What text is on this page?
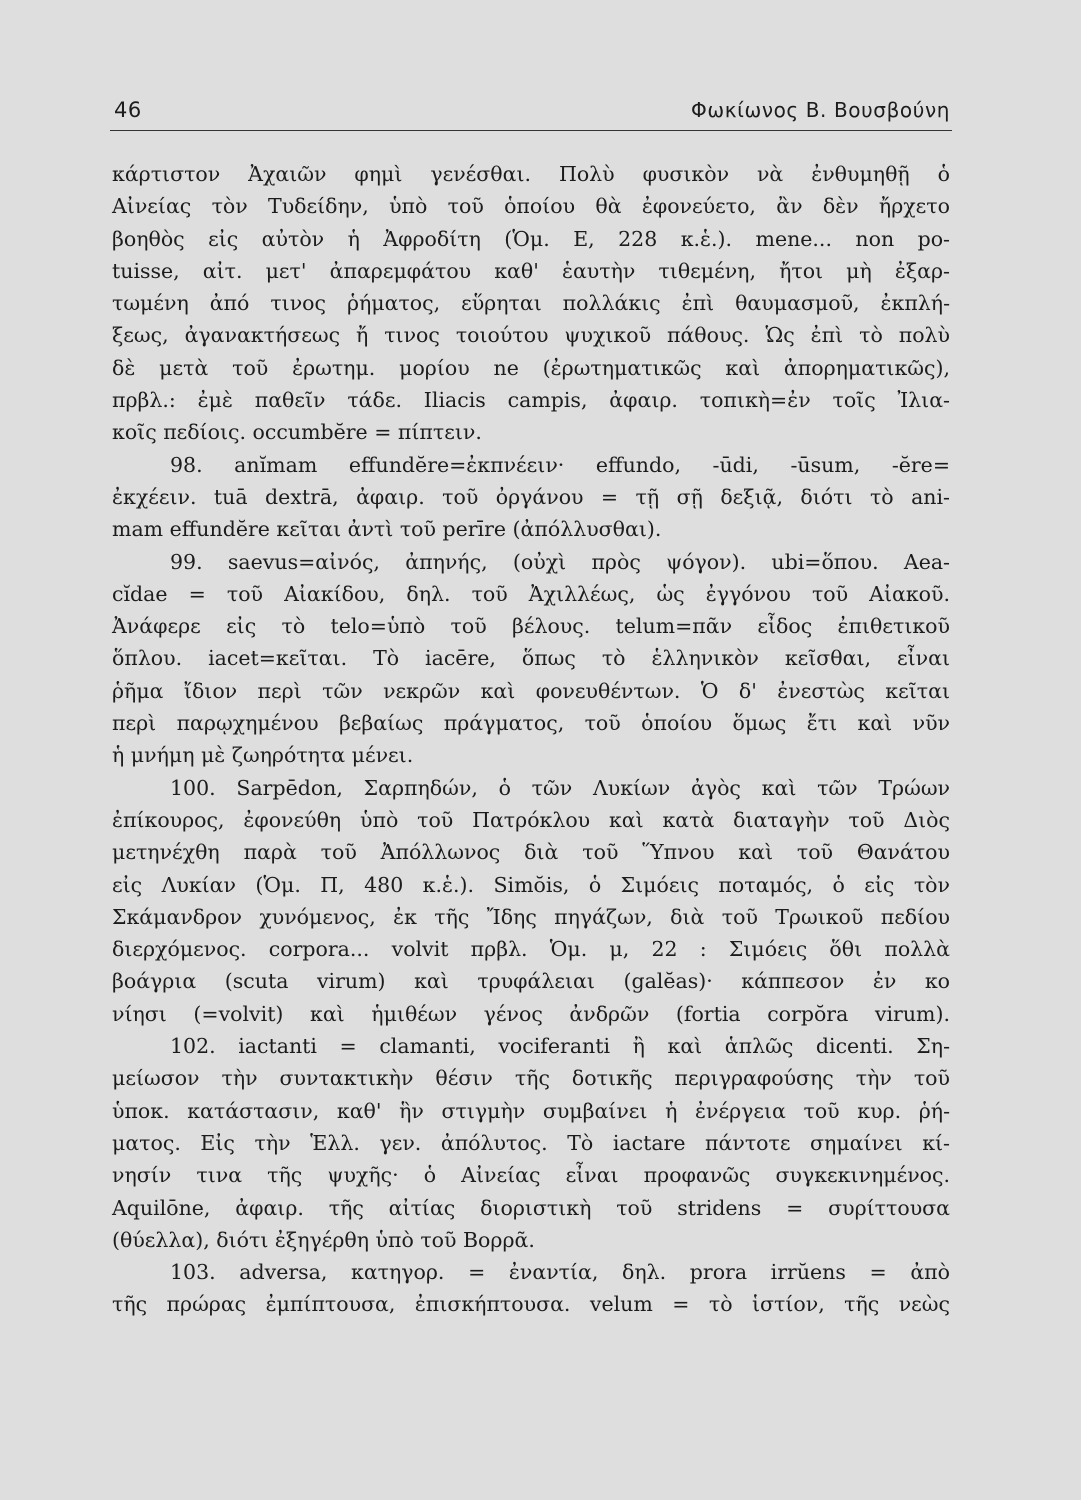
46	Φωκίωνος Β. Βουσβούνη
κάρτιστον Ἀχαιῶν φημὶ γενέσθαι. Πολὺ φυσικὸν νὰ ἐνθυμηθῇ ὁ
Αἰνείας τὸν Τυδείδην, ὑπὸ τοῦ ὁποίου θὰ ἐφονεύετο, ἂν δὲν ἤρχετο
βοηθὸς εἰς αὐτὸν ἡ Ἀφροδίτη (Ὁμ. Ε, 228 κ.ἑ.). mene... non po-
tuisse, αἰτ. μετ' ἀπαρεμφάτου καθ' ἑαυτὴν τιθεμένη, ἤτοι μὴ ἐξαρ-
τωμένη ἀπό τινος ῥήματος, εὕρηται πολλάκις ἐπὶ θαυμασμοῦ, ἐκπλή-
ξεως, ἀγανακτήσεως ἤ τινος τοιούτου ψυχικοῦ πάθους. Ὡς ἐπὶ τὸ πολὺ
δὲ μετὰ τοῦ ἐρωτημ. μορίου ne (ἐρωτηματικῶς καὶ ἀπορηματικῶς),
πρβλ.: ἐμὲ παθεῖν τάδε. Iliacis campis, ἀφαιρ. τοπικὴ=ἐν τοῖς Ἰλια-
κοῖς πεδίοις. occumbĕre = πίπτειν.
98. anĭmam effundĕre=ἐκπνέειν· effundo, -ūdi, -ūsum, -ĕre=
ἐκχέειν. tuā dextrā, ἀφαιρ. τοῦ ὀργάνου = τῇ σῇ δεξιᾷ, διότι τὸ ani-
mam effundĕre κεῖται ἀντὶ τοῦ perīre (ἀπόλλυσθαι).
99. saevus=αἰνός, ἀπηνής, (οὐχὶ πρὸς ψόγον). ubi=ὅπου. Aea-
cĭdae = τοῦ Αἰακίδου, δηλ. τοῦ Ἀχιλλέως, ὡς ἐγγόνου τοῦ Αἰακοῦ.
Ἀνάφερε εἰς τὸ telo=ὑπὸ τοῦ βέλους. telum=πᾶν εἶδος ἐπιθετικοῦ
ὅπλου. iacet=κεῖται. Τὸ iacēre, ὅπως τὸ ἑλληνικὸν κεῖσθαι, εἶναι
ῥῆμα ἴδιον περὶ τῶν νεκρῶν καὶ φονευθέντων. Ὁ δ' ἐνεστὼς κεῖται
περὶ παρῳχημένου βεβαίως πράγματος, τοῦ ὁποίου ὅμως ἔτι καὶ νῦν
ἡ μνήμη μὲ ζωηρότητα μένει.
100. Sarpēdon, Σαρπηδών, ὁ τῶν Λυκίων ἀγὸς καὶ τῶν Τρώων
ἐπίκουρος, ἐφονεύθη ὑπὸ τοῦ Πατρόκλου καὶ κατὰ διαταγὴν τοῦ Διὸς
μετηνέχθη παρὰ τοῦ Ἀπόλλωνος διὰ τοῦ Ὕπνου καὶ τοῦ Θανάτου
εἰς Λυκίαν (Ὁμ. Π, 480 κ.ἑ.). Simŏis, ὁ Σιμόεις ποταμός, ὁ εἰς τὸν
Σκάμανδρον χυνόμενος, ἐκ τῆς Ἴδης πηγάζων, διὰ τοῦ Τρωικοῦ πεδίου
διερχόμενος. corpora... volvit πρβλ. Ὁμ. μ, 22 : Σιμόεις ὅθι πολλὰ
βοάγρια (scuta virum) καὶ τρυφάλειαι (galĕas)· κάππεσον ἐν κο
νίησι (=volvit) καὶ ἡμιθέων γένος ἀνδρῶν (fortia corpŏra virum).
102. iactanti = clamanti, vociferanti ἢ καὶ ἁπλῶς dicenti. Ση-
μείωσον τὴν συντακτικὴν θέσιν τῆς δοτικῆς περιγραφούσης τὴν τοῦ
ὑποκ. κατάστασιν, καθ' ἣν στιγμὴν συμβαίνει ἡ ἐνέργεια τοῦ κυρ. ῥή-
ματος. Εἰς τὴν Ἑλλ. γεν. ἀπόλυτος. Τὸ iactare πάντοτε σημαίνει κί-
νησίν τινα τῆς ψυχῆς· ὁ Αἰνείας εἶναι προφανῶς συγκεκινημένος.
Aquilōne, ἀφαιρ. τῆς αἰτίας διοριστικὴ τοῦ stridens = συρίττουσα
(θύελλα), διότι ἐξηγέρθη ὑπὸ τοῦ Βορρᾶ.
103. adversa, κατηγορ. = ἐναντία, δηλ. prora irrŭens = ἀπὸ
τῆς πρώρας ἐμπίπτουσα, ἐπισκήπτουσα. velum = τὸ ἱστίον, τῆς νεὼς
